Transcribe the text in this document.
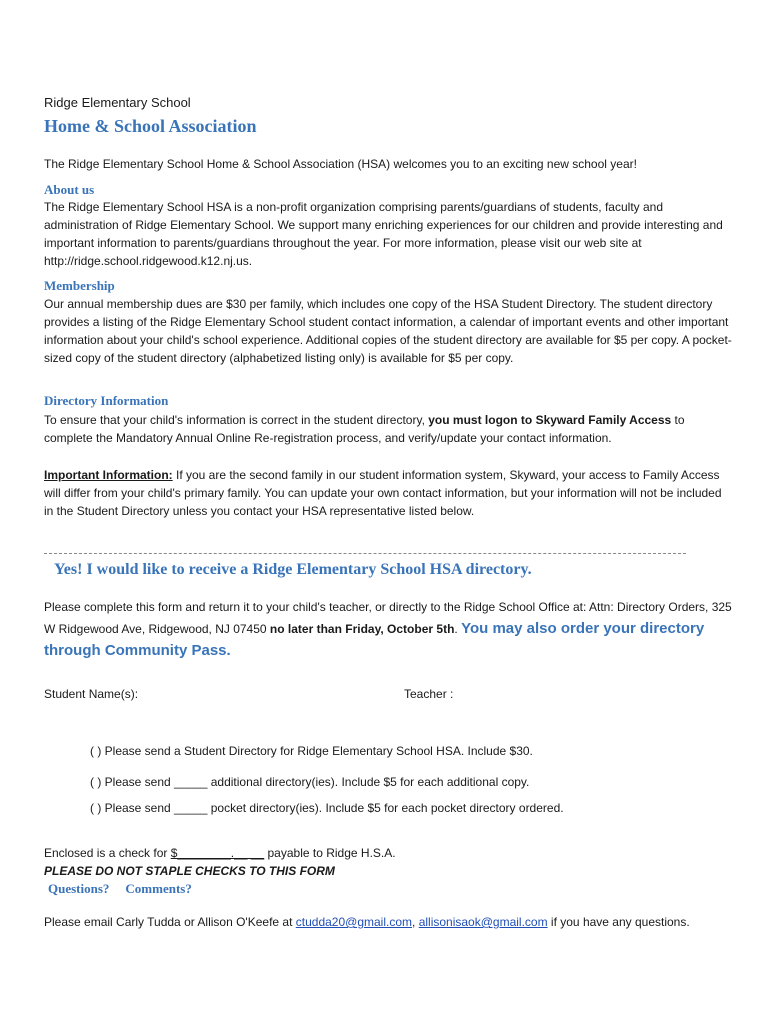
Ridge Elementary School

Home & School Association

The Ridge Elementary School Home & School Association (HSA) welcomes you to an exciting new school year!

About us

The Ridge Elementary School HSA is a non-profit organization comprising parents/guardians of students, faculty and administration of Ridge Elementary School. We support many enriching experiences for our children and provide interesting and important information to parents/guardians throughout the year. For more information, please visit our web site at http://ridge.school.ridgewood.k12.nj.us.

Membership

Our annual membership dues are $30 per family, which includes one copy of the HSA Student Directory. The student directory provides a listing of the Ridge Elementary School student contact information, a calendar of important events and other important information about your child's school experience. Additional copies of the student directory are available for $5 per copy. A pocket-sized copy of the student directory (alphabetized listing only) is available for $5 per copy.

Directory Information

To ensure that your child's information is correct in the student directory, you must logon to Skyward Family Access to complete the Mandatory Annual Online Re-registration process, and verify/update your contact information.

Important Information: If you are the second family in our student information system, Skyward, your access to Family Access will differ from your child's primary family. You can update your own contact information, but your information will not be included in the Student Directory unless you contact your HSA representative listed below.

Yes! I would like to receive a Ridge Elementary School HSA directory.

Please complete this form and return it to your child's teacher, or directly to the Ridge School Office at: Attn: Directory Orders, 325 W Ridgewood Ave, Ridgewood, NJ 07450 no later than Friday, October 5th. You may also order your directory through Community Pass.

Student Name(s):	Teacher :

( ) Please send a Student Directory for Ridge Elementary School HSA. Include $30.

( ) Please send _____ additional directory(ies). Include $5 for each additional copy.

( ) Please send _____ pocket directory(ies). Include $5 for each pocket directory ordered.

Enclosed is a check for $________.__ __ payable to Ridge H.S.A.

PLEASE DO NOT STAPLE CHECKS TO THIS FORM

Questions? Comments?

Please email Carly Tudda or Allison O'Keefe at ctudda20@gmail.com, allisonisaok@gmail.com if you have any questions.
